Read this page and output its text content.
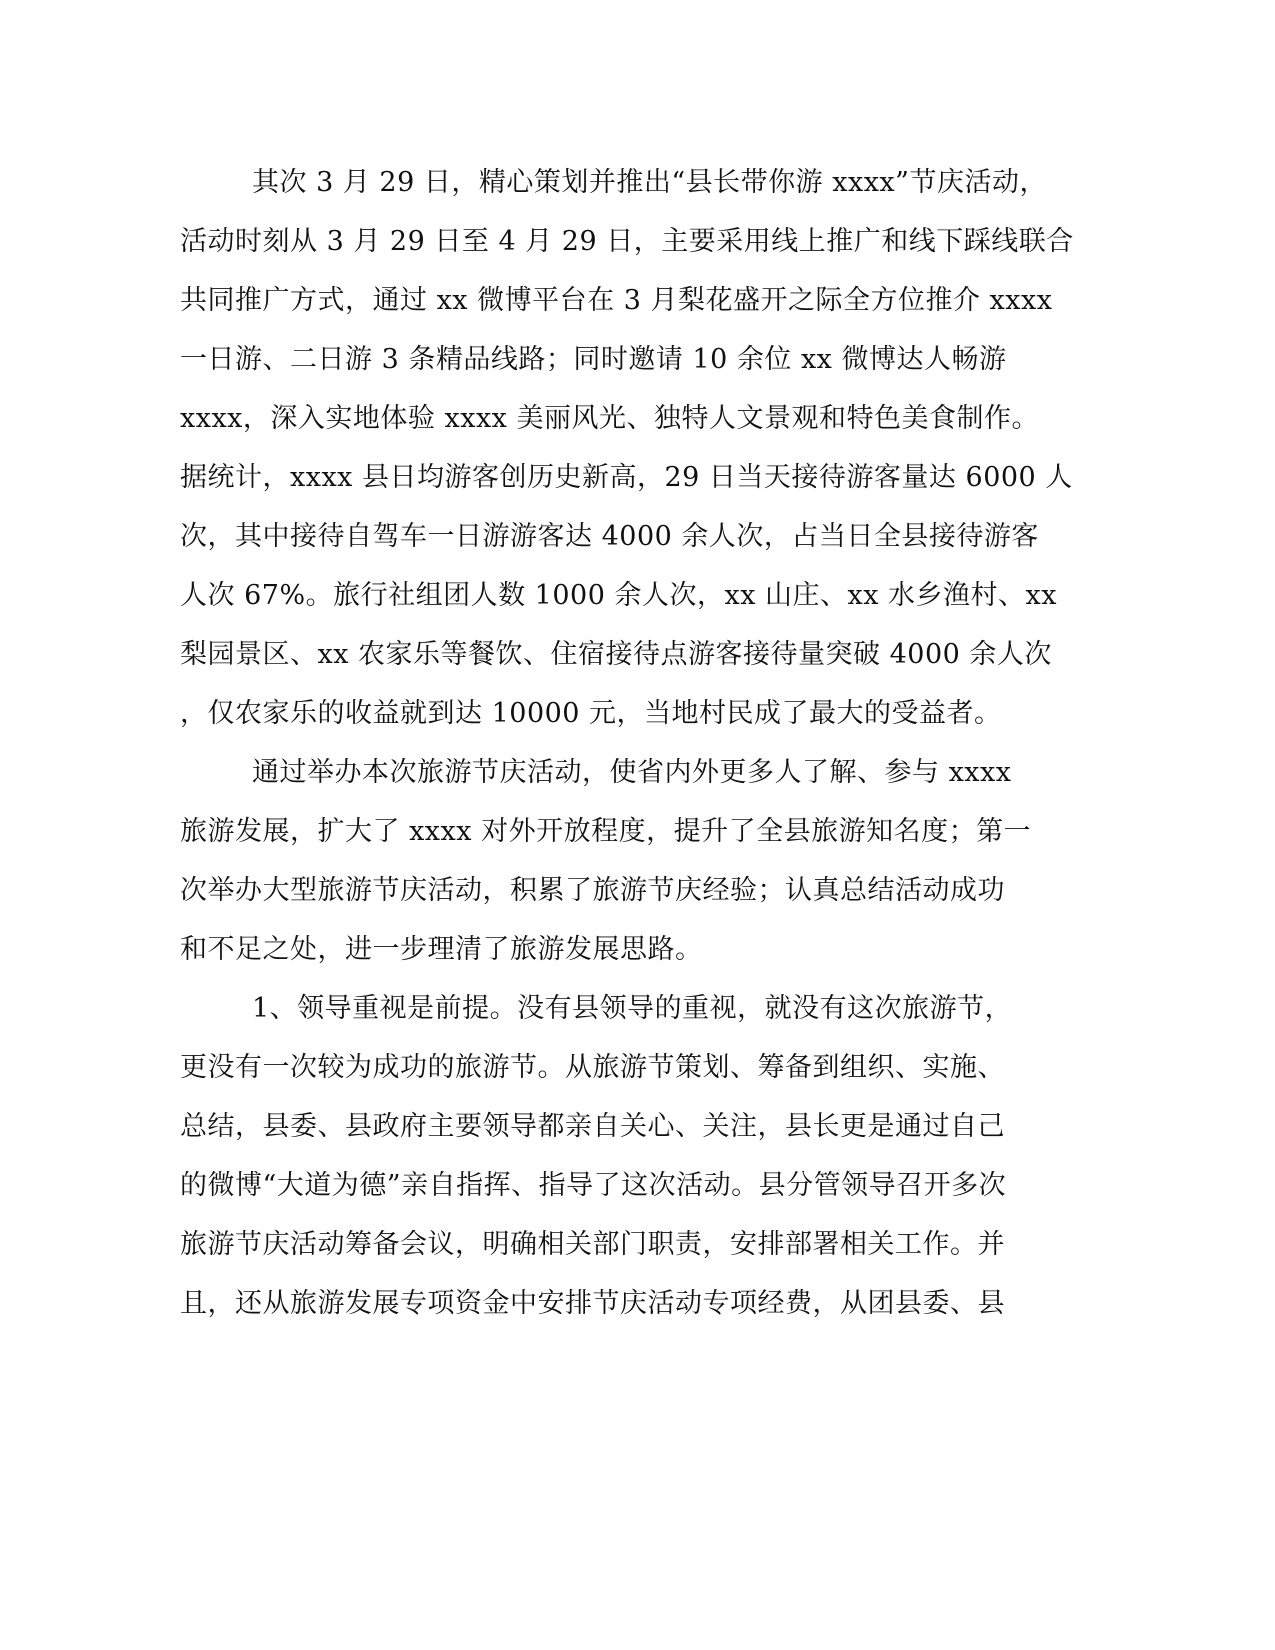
其次 3 月 29 日，精心策划并推出“县长带你游 xxxx”节庆活动，
活动时刻从 3 月 29 日至 4 月 29 日，主要采用线上推广和线下踩线联合
共同推广方式，通过 xx 微博平台在 3 月梨花盛开之际全方位推介 xxxx
一日游、二日游 3 条精品线路；同时邀请 10 余位 xx 微博达人畅游
xxxx，深入实地体验 xxxx 美丽风光、独特人文景观和特色美食制作。
据统计，xxxx 县日均游客创历史新高，29 日当天接待游客量达 6000 人
次，其中接待自驾车一日游游客达 4000 余人次，占当日全县接待游客
人次 67%。旅行社组团人数 1000 余人次，xx 山庄、xx 水乡渔村、xx
梨园景区、xx 农家乐等餐饮、住宿接待点游客接待量突破 4000 余人次
，仅农家乐的收益就到达 10000 元，当地村民成了最大的受益者。
通过举办本次旅游节庆活动，使省内外更多人了解、参与 xxxx
旅游发展，扩大了 xxxx 对外开放程度，提升了全县旅游知名度；第一
次举办大型旅游节庆活动，积累了旅游节庆经验；认真总结活动成功
和不足之处，进一步理清了旅游发展思路。
1、领导重视是前提。没有县领导的重视，就没有这次旅游节，
更没有一次较为成功的旅游节。从旅游节策划、筹备到组织、实施、
总结，县委、县政府主要领导都亲自关心、关注，县长更是通过自己
的微博“大道为德”亲自指挥、指导了这次活动。县分管领导召开多次
旅游节庆活动筹备会议，明确相关部门职责，安排部署相关工作。并
且，还从旅游发展专项资金中安排节庆活动专项经费，从团县委、县
